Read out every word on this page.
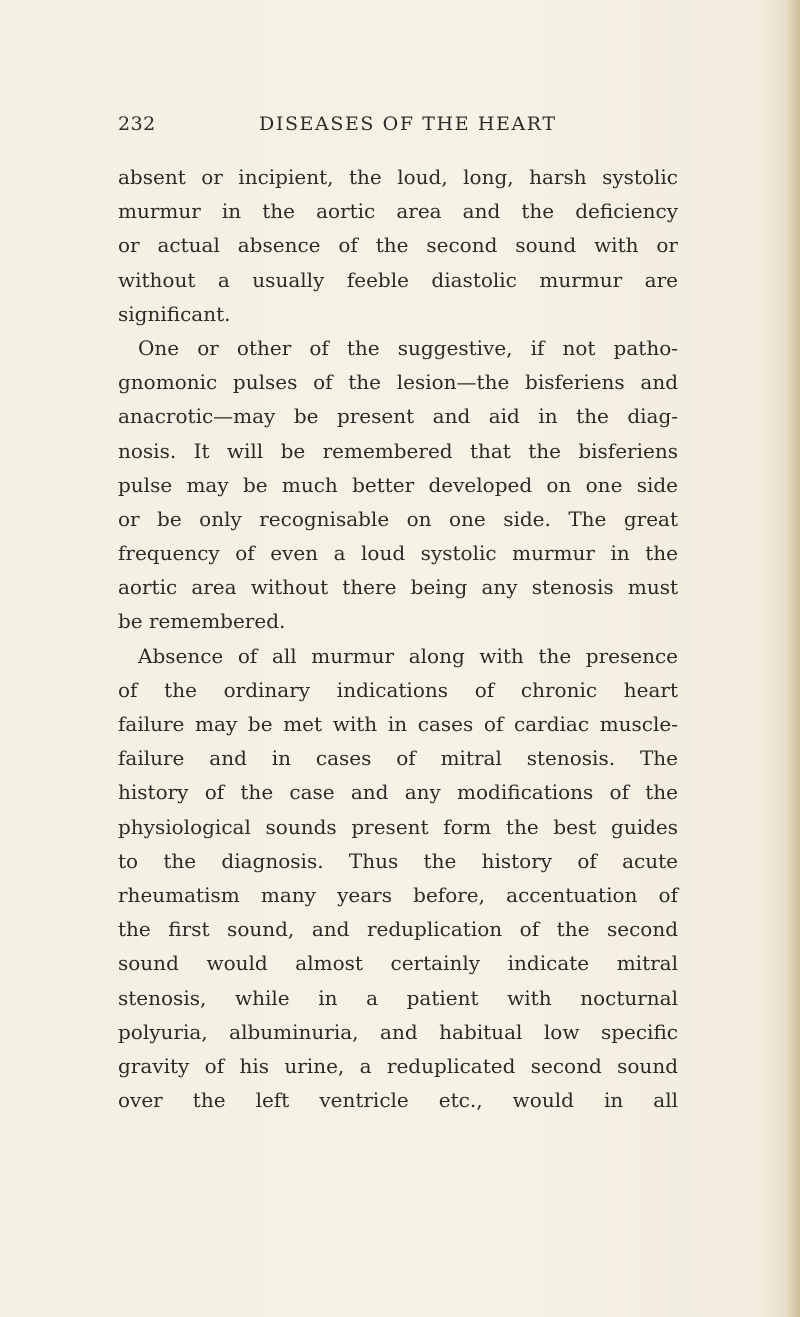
232	DISEASES OF THE HEART
absent or incipient, the loud, long, harsh systolic
murmur in the aortic area and the deficiency
or actual absence of the second sound with or
without a usually feeble diastolic murmur are
significant.
One or other of the suggestive, if not patho-
gnomonic pulses of the lesion—the bisferiens and
anacrotic—may be present and aid in the diag-
nosis. It will be remembered that the bisferiens
pulse may be much better developed on one side
or be only recognisable on one side. The great
frequency of even a loud systolic murmur in the
aortic area without there being any stenosis must
be remembered.
Absence of all murmur along with the presence
of the ordinary indications of chronic heart
failure may be met with in cases of cardiac muscle-
failure and in cases of mitral stenosis. The
history of the case and any modifications of the
physiological sounds present form the best guides
to the diagnosis. Thus the history of acute
rheumatism many years before, accentuation of
the first sound, and reduplication of the second
sound would almost certainly indicate mitral
stenosis, while in a patient with nocturnal
polyuria, albuminuria, and habitual low specific
gravity of his urine, a reduplicated second sound
over the left ventricle etc., would in all
